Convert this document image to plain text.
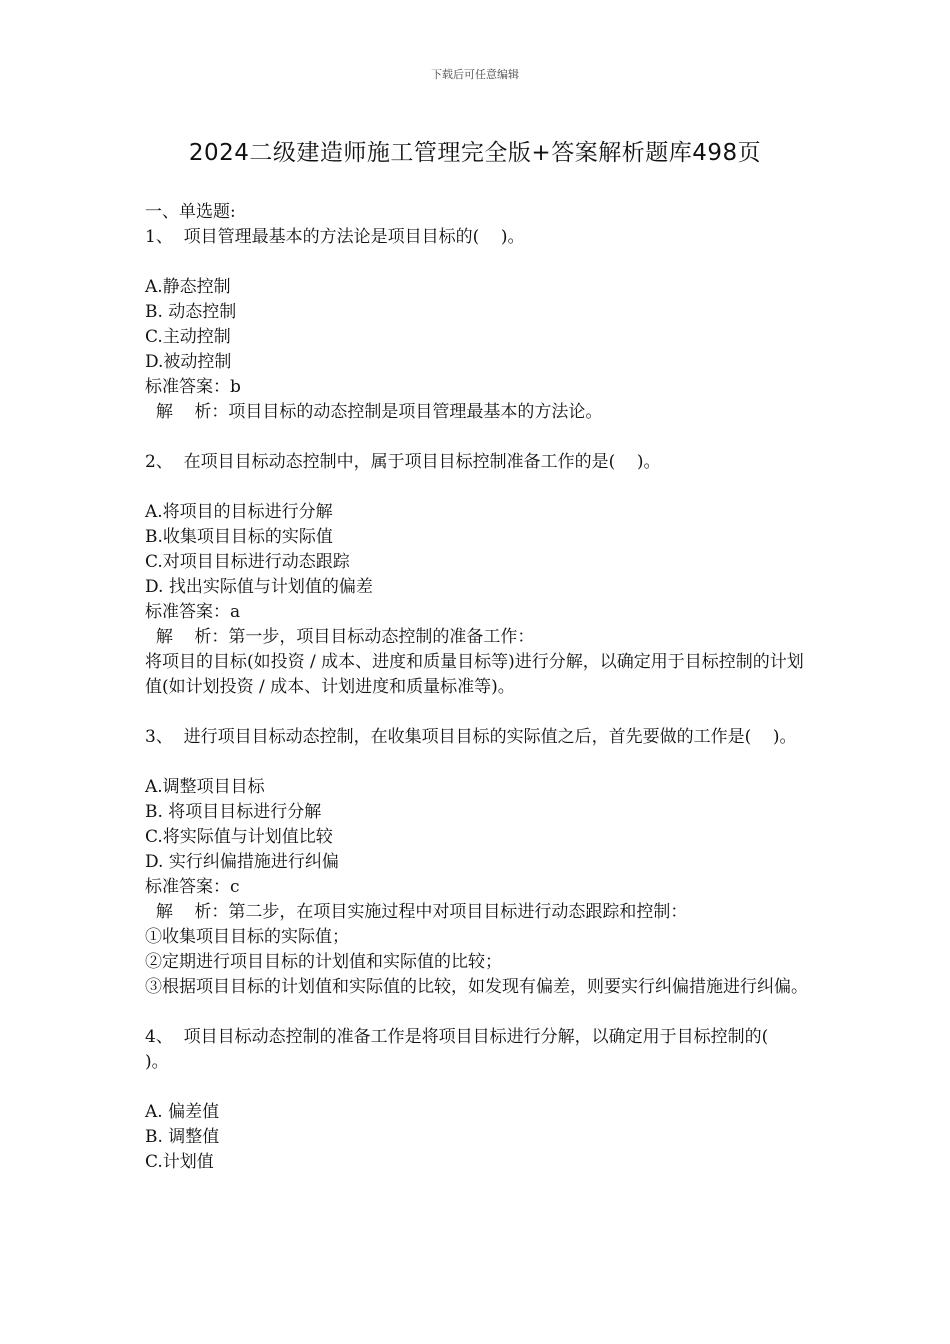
下载后可任意编辑
2024二级建造师施工管理完全版+答案解析题库498页

一、单选题:

1、  项目管理最基本的方法论是项目目标的(    )。

A.静态控制

B. 动态控制

C.主动控制

D.被动控制

标准答案：b

解    析：项目目标的动态控制是项目管理最基本的方法论。

2、  在项目目标动态控制中，属于项目目标控制准备工作的是(    )。

A.将项目的目标进行分解

B.收集项目目标的实际值

C.对项目目标进行动态跟踪

D. 找出实际值与计划值的偏差

标准答案：a

解    析：第一步，项目目标动态控制的准备工作：

将项目的目标(如投资 / 成本、进度和质量目标等)进行分解，以确定用于目标控制的计划值(如计划投资 / 成本、计划进度和质量标准等)。

3、  进行项目目标动态控制，在收集项目目标的实际值之后，首先要做的工作是(    )。

A.调整项目目标

B. 将项目目标进行分解

C.将实际值与计划值比较

D. 实行纠偏措施进行纠偏

标准答案：c

解    析：第二步，在项目实施过程中对项目目标进行动态跟踪和控制：

①收集项目目标的实际值；

②定期进行项目目标的计划值和实际值的比较；

③根据项目目标的计划值和实际值的比较，如发现有偏差，则要实行纠偏措施进行纠偏。

4、  项目目标动态控制的准备工作是将项目目标进行分解，以确定用于目标控制的(    )。

A. 偏差值

B. 调整值

C.计划值
